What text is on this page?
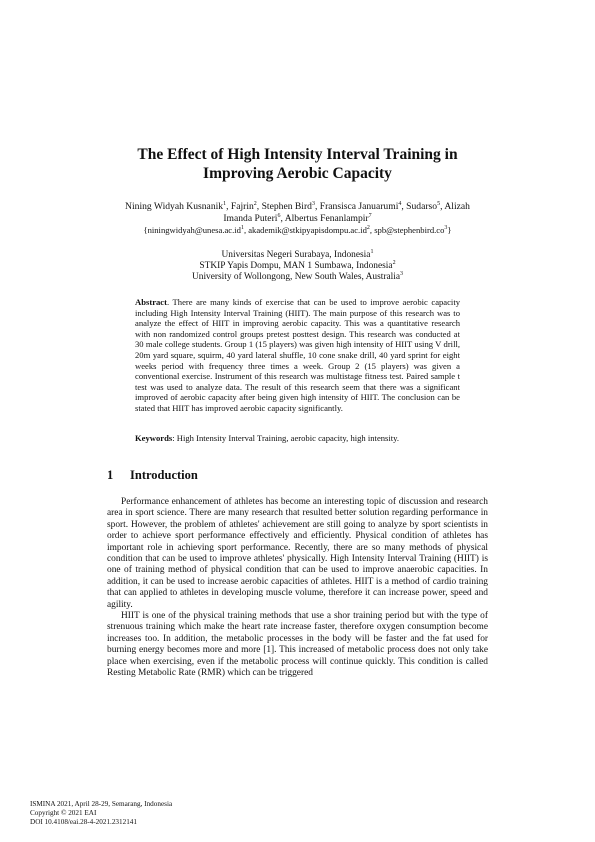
The Effect of High Intensity Interval Training in
Improving Aerobic Capacity
Nining Widyah Kusnanik$^1$, Fajrin$^2$, Stephen Bird$^3$, Fransisca Januarumi$^4$, Sudarso$^5$, Alizah
Imanda Puteri$^6$, Albertus Fenanlampir$^7$
{$niningwidyah@unesa.ac.id^1$, $akademik@stkipyapisdompu.ac.id^2$, $spb@stephenbird.co^3$}
Universitas Negeri Surabaya, Indonesia$^1$
STKIP Yapis Dompu, MAN 1 Sumbawa, Indonesia$^2$
University of Wollongong, New South Wales, Australia$^3$
Abstract. There are many kinds of exercise that can be used to improve aerobic capacity including High Intensity Interval Training (HIIT). The main purpose of this research was to analyze the effect of HIIT in improving aerobic capacity. This was a quantitative research with non randomized control groups pretest posttest design. This research was conducted at 30 male college students. Group 1 (15 players) was given high intensity of HIIT using V drill, 20m yard square, squirm, 40 yard lateral shuffle, 10 cone snake drill, 40 yard sprint for eight weeks period with frequency three times a week. Group 2 (15 players) was given a conventional exercise. Instrument of this research was multistage fitness test. Paired sample t test was used to analyze data. The result of this research seem that there was a significant improved of aerobic capacity after being given high intensity of HIIT. The conclusion can be stated that HIIT has improved aerobic capacity significantly.
Keywords: High Intensity Interval Training, aerobic capacity, high intensity.
1 Introduction

Performance enhancement of athletes has become an interesting topic of discussion and research area in sport science. There are many research that resulted better solution regarding performance in sport. However, the problem of athletes' achievement are still going to analyze by sport scientists in order to achieve sport performance effectively and efficiently. Physical condition of athletes has important role in achieving sport performance. Recently, there are so many methods of physical condition that can be used to improve athletes' physically. High Intensity Interval Training (HIIT) is one of training method of physical condition that can be used to improve anaerobic capacities. In addition, it can be used to increase aerobic capacities of athletes. HIIT is a method of cardio training that can applied to athletes in developing muscle volume, therefore it can increase power, speed and agility.

HIIT is one of the physical training methods that use a shor training period but with the type of strenuous training which make the heart rate increase faster, therefore oxygen consumption become increases too. In addition, the metabolic processes in the body will be faster and the fat used for burning energy becomes more and more [1]. This increased of metabolic process does not only take place when exercising, even if the metabolic process will continue quickly. This condition is called Resting Metabolic Rate (RMR) which can be triggered

ISMINA 2021, April 28-29, Semarang, Indonesia
Copyright © 2021 EAI
DOI 10.4108/eai.28-4-2021.2312141
